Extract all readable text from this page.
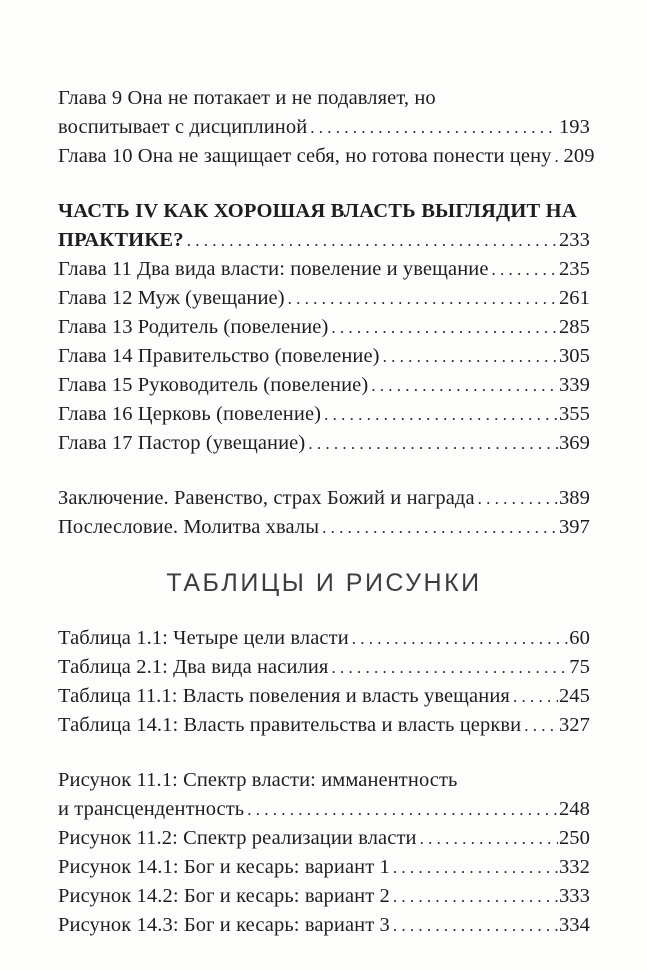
Глава 9 Она не потакает и не подавляет, но
воспитывает с дисциплиной . . .	193
Глава 10 Она не защищает себя, но готова понести цену . . . 209
ЧАСТЬ IV КАК ХОРОШАЯ ВЛАСТЬ ВЫГЛЯДИТ НА
ПРАКТИКЕ? . . .	233
Глава 11 Два вида власти: повеление и увещание . . .	235
Глава 12 Муж (увещание) . . .	261
Глава 13 Родитель (повеление) . . .	285
Глава 14 Правительство (повеление) . . .	305
Глава 15 Руководитель (повеление) . . .	339
Глава 16 Церковь (повеление) . . .	355
Глава 17 Пастор (увещание) . . .	369
Заключение. Равенство, страх Божий и награда . . .	389
Послесловие. Молитва хвалы . . .	397
ТАБЛИЦЫ И РИСУНКИ
Таблица 1.1: Четыре цели власти . . .	60
Таблица 2.1: Два вида насилия . . .	75
Таблица 11.1: Власть повеления и власть увещания . . . 245
Таблица 14.1: Власть правительства и власть церкви . . . 327
Рисунок 11.1: Спектр власти: имманентность
и трансцендентность . . .	248
Рисунок 11.2: Спектр реализации власти . . .	250
Рисунок 14.1: Бог и кесарь: вариант 1 . . .	332
Рисунок 14.2: Бог и кесарь: вариант 2 . . .	333
Рисунок 14.3: Бог и кесарь: вариант 3 . . .	334
